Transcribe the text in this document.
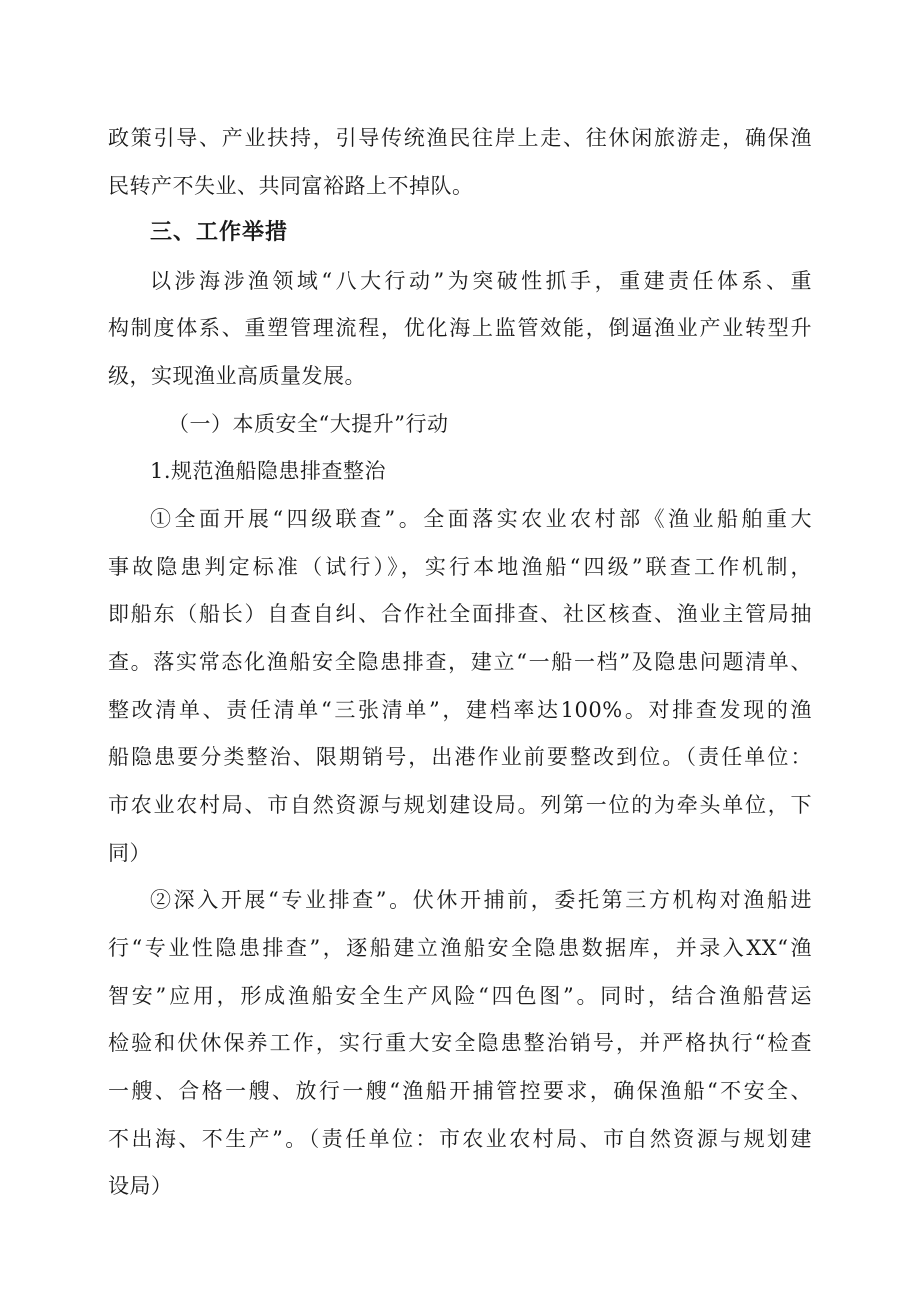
政策引导、产业扶持，引导传统渔民往岸上走、往休闲旅游走，确保渔
民转产不失业、共同富裕路上不掉队。
三、工作举措
以涉海涉渔领域“八大行动”为突破性抓手，重建责任体系、重
构制度体系、重塑管理流程，优化海上监管效能，倒逼渔业产业转型升
级，实现渔业高质量发展。
（一）本质安全“大提升”行动
1.规范渔船隐患排查整治
①全面开展“四级联查”。全面落实农业农村部《渔业船舶重大
事故隐患判定标准（试行）》，实行本地渔船“四级”联查工作机制，
即船东（船长）自查自纠、合作社全面排查、社区核查、渔业主管局抽
查。落实常态化渔船安全隐患排查，建立“一船一档”及隐患问题清单、
整改清单、责任清单“三张清单”，建档率达100%。对排查发现的渔
船隐患要分类整治、限期销号，出港作业前要整改到位。（责任单位：
市农业农村局、市自然资源与规划建设局。列第一位的为牵头单位，下
同）
②深入开展“专业排查”。伏休开捕前，委托第三方机构对渔船进
行“专业性隐患排查”，逐船建立渔船安全隐患数据库，并录入XX“渔
智安”应用，形成渔船安全生产风险“四色图”。同时，结合渔船营运
检验和伏休保养工作，实行重大安全隐患整治销号，并严格执行“检查
一艘、合格一艘、放行一艘“渔船开捕管控要求，确保渔船“不安全、
不出海、不生产”。（责任单位：市农业农村局、市自然资源与规划建
设局）
